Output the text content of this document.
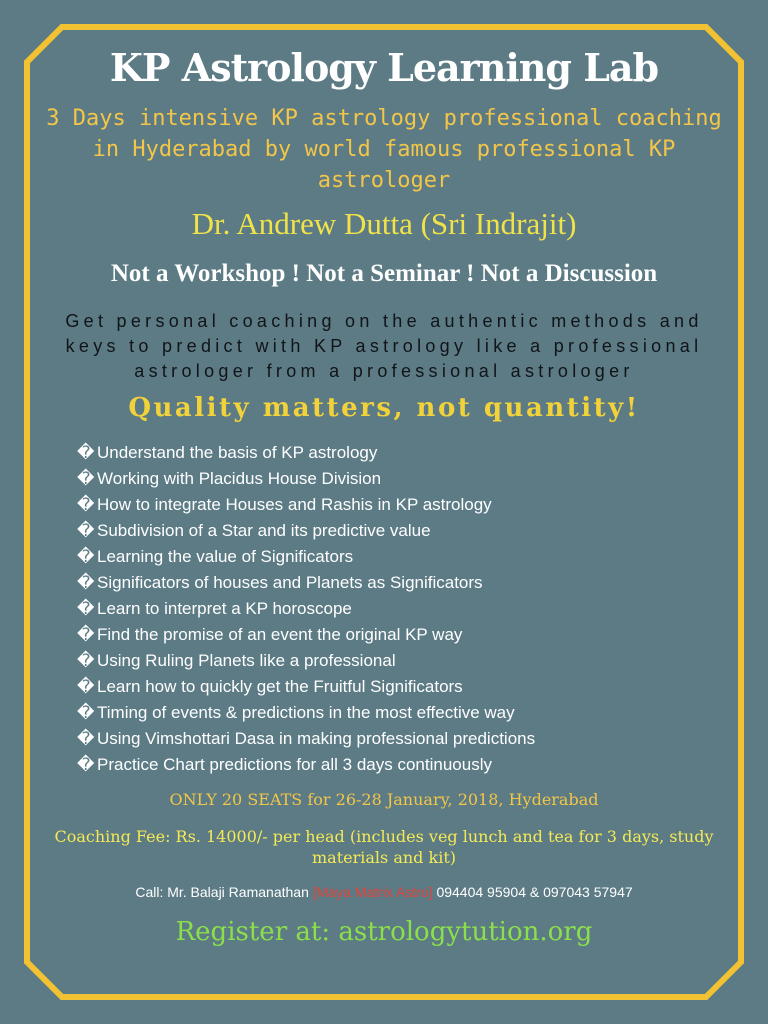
KP Astrology Learning Lab
3 Days intensive KP astrology professional coaching in Hyderabad by world famous professional KP astrologer
Dr. Andrew Dutta (Sri Indrajit)
Not a Workshop ! Not a Seminar ! Not a Discussion
Get personal coaching on the authentic methods and keys to predict with KP astrology like a professional astrologer from a professional astrologer
Quality matters, not quantity!
� Understand the basis of KP astrology
� Working with Placidus House Division
� How to integrate Houses and Rashis in KP astrology
� Subdivision of a Star and its predictive value
� Learning the value of Significators
� Significators of houses and Planets as Significators
� Learn to interpret a KP horoscope
� Find the promise of an event the original KP way
� Using Ruling Planets like a professional
� Learn how to quickly get the Fruitful Significators
� Timing of events & predictions in the most effective way
� Using Vimshottari Dasa in making professional predictions
� Practice Chart predictions for all 3 days continuously
ONLY 20 SEATS for 26-28 January, 2018, Hyderabad
Coaching Fee: Rs. 14000/- per head (includes veg lunch and tea for 3 days, study materials and kit)
Call: Mr. Balaji Ramanathan [Maya Matrix Astro] 094404 95904 & 097043 57947
Register at: astrologytution.org
